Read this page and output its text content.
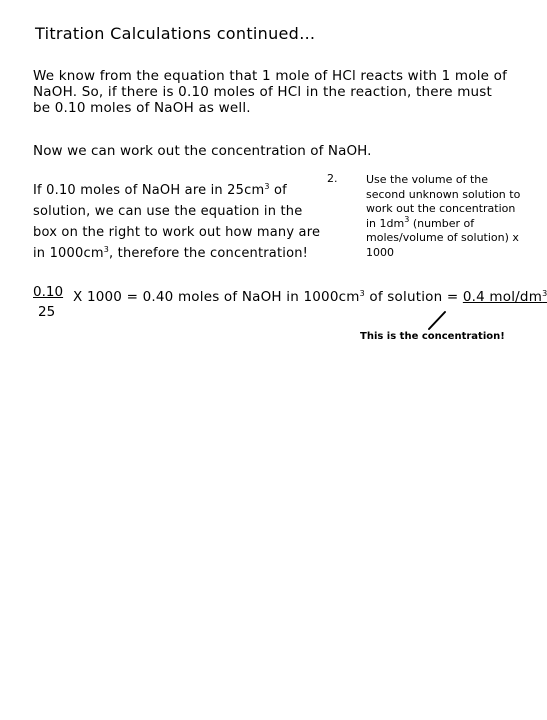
Titration Calculations continued…
We know from the equation that 1 mole of HCl reacts with 1 mole of NaOH. So, if there is 0.10 moles of HCl in the reaction, there must be 0.10 moles of NaOH as well.
Now we can work out the concentration of NaOH.
If 0.10 moles of NaOH are in $25cm^3$ of solution, we can use the equation in the box on the right to work out how many are in $1000cm^3$, therefore the concentration!
2.	Use the volume of the second unknown solution to work out the concentration in $1dm^3$ (number of moles/volume of solution) x 1000
0.10
25
X 1000 = 0.40 moles of NaOH in $1000cm^3$ of solution = 0.4 mol/$dm^3$
This is the concentration!
